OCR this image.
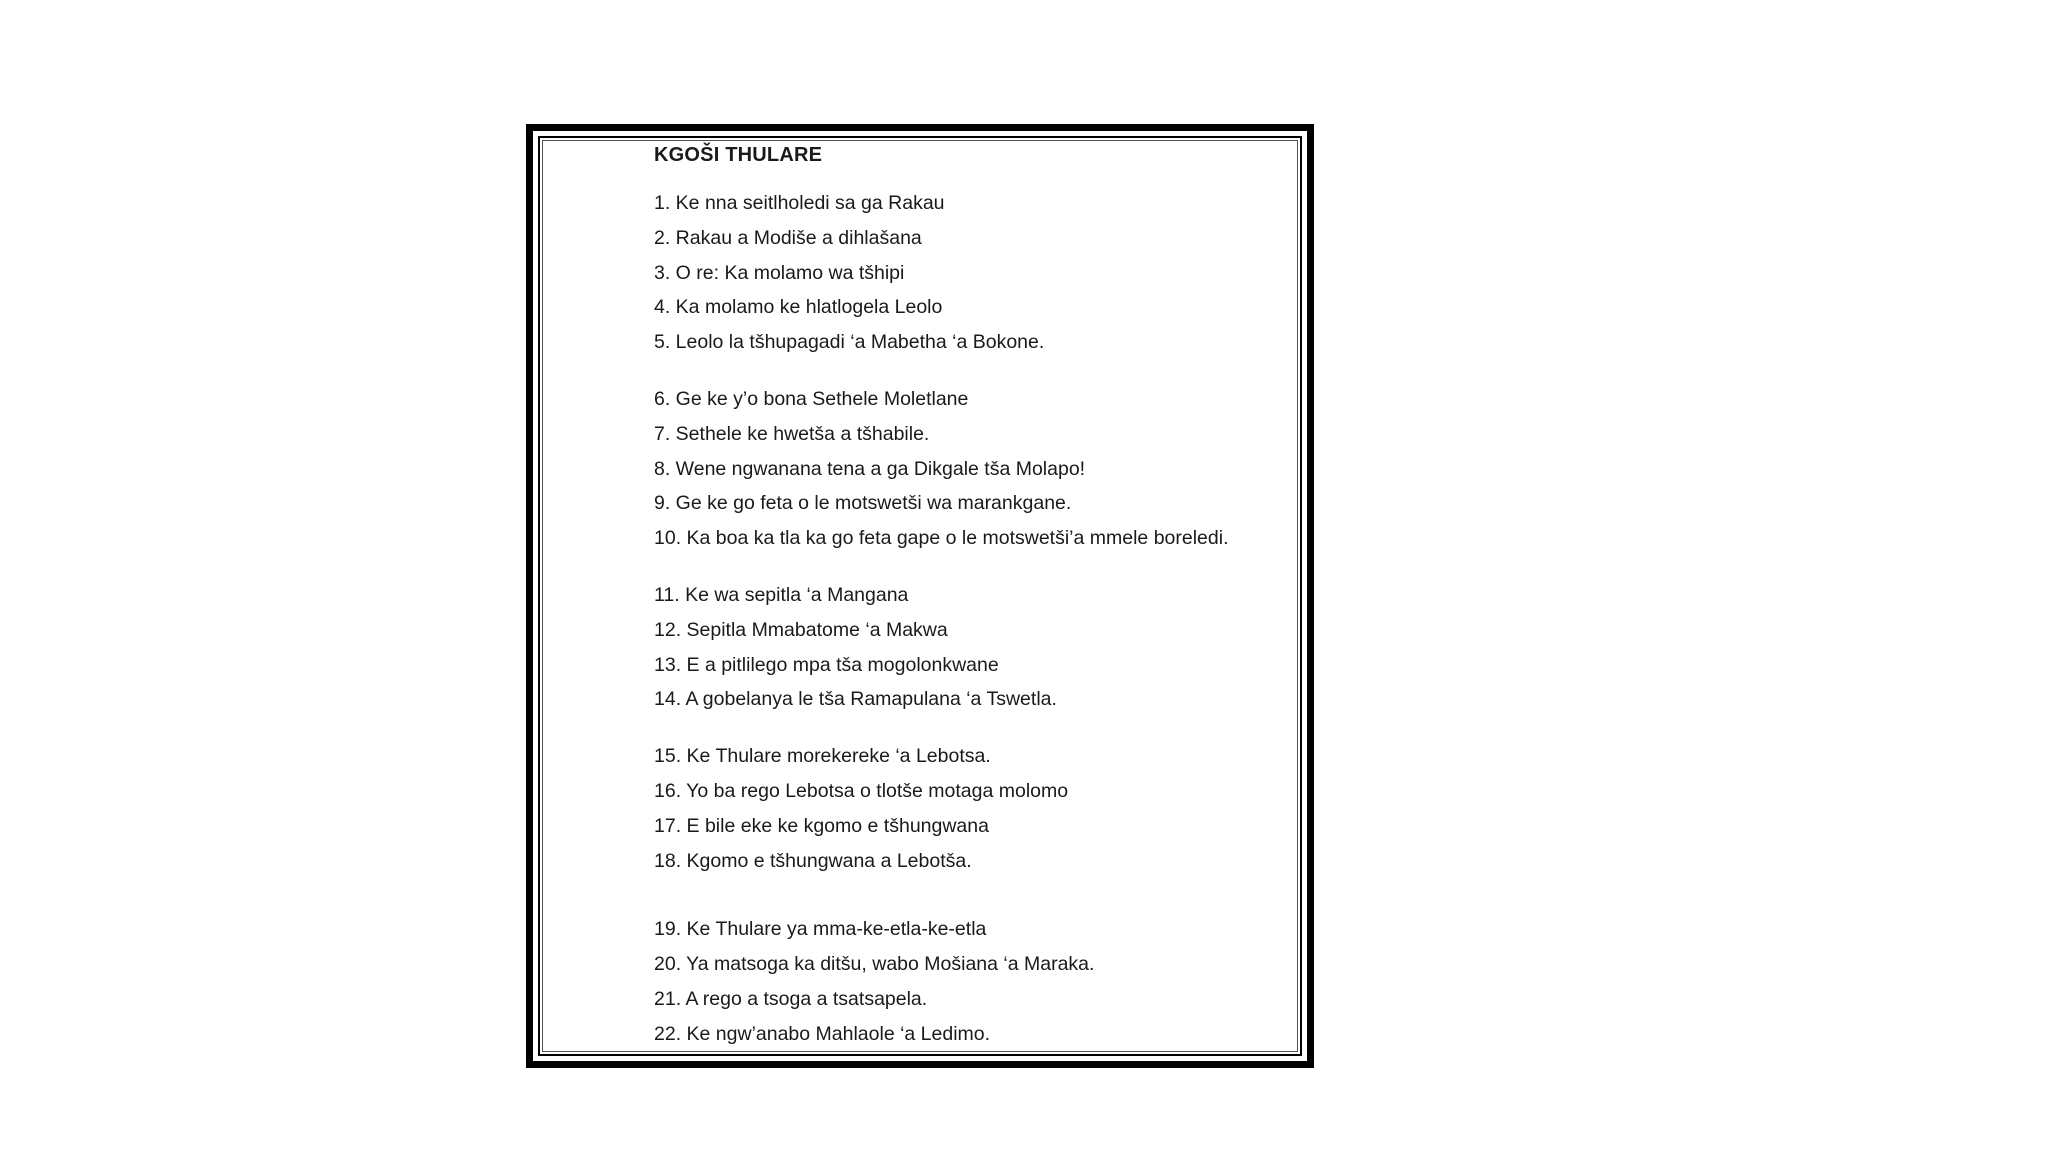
KGOŠI THULARE
1. Ke nna seitlholedi sa ga Rakau
2. Rakau a Modiše a dihlašana
3. O re: Ka molamo wa tšhipi
4. Ka molamo ke hlatlogela Leolo
5. Leolo la tšhupagadi ‘a Mabetha ‘a Bokone.
6. Ge ke y’o bona Sethele Moletlane
7. Sethele ke hwetša a tšhabile.
8. Wene ngwanana tena a ga Dikgale tša Molapo!
9. Ge ke go feta o le motswetši wa marankgane.
10. Ka boa ka tla ka go feta gape o le motswetši’a mmele boreledi.
11. Ke wa sepitla ‘a Mangana
12. Sepitla Mmabatome ‘a Makwa
13. E a pitlilego mpa tša mogolonkwane
14. A gobelanya le tša Ramapulana ‘a Tswetla.
15. Ke Thulare morekereke ‘a Lebotsa.
16. Yo ba rego Lebotsa o tlotše motaga molomo
17. E bile eke ke kgomo e tšhungwana
18. Kgomo e tšhungwana a Lebotša.
19. Ke Thulare ya mma-ke-etla-ke-etla
20. Ya matsoga ka ditšu, wabo Mošiana ‘a Maraka.
21. A rego a tsoga a tsatsapela.
22. Ke ngw’anabo Mahlaole ‘a Ledimo.
